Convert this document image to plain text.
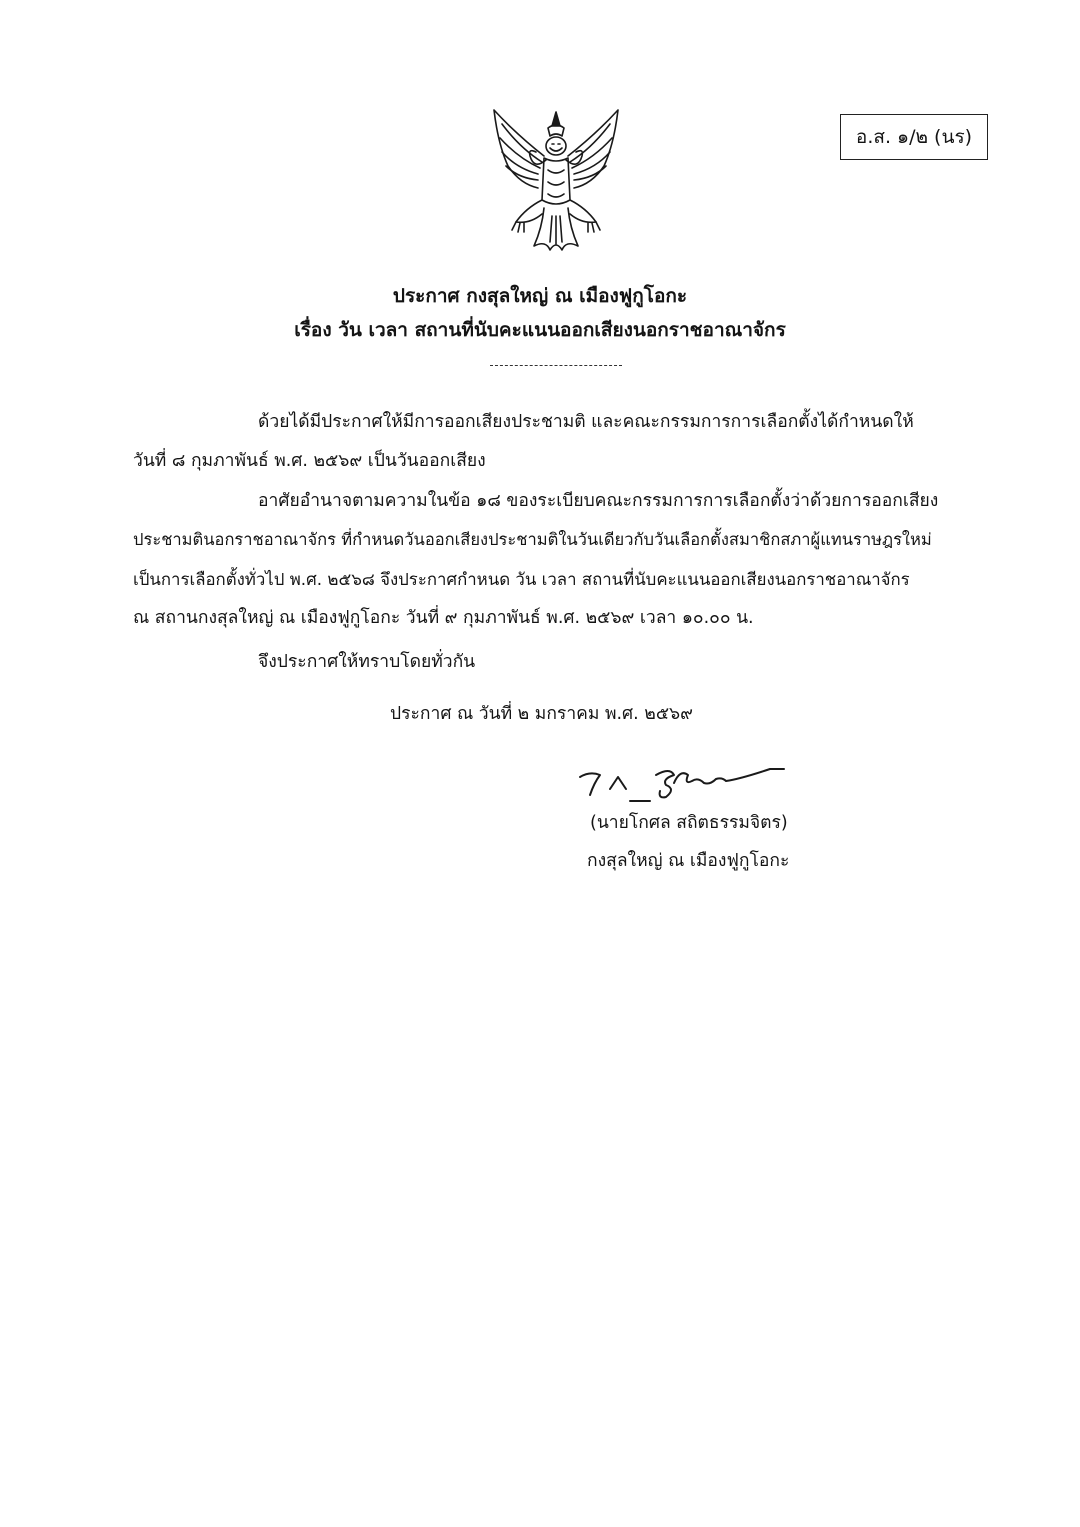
อ.ส. ๑/๒ (นร)
ประกาศ กงสุลใหญ่ ณ เมืองฟูกูโอกะ
เรื่อง วัน เวลา สถานที่นับคะแนนออกเสียงนอกราชอาณาจักร
ด้วยได้มีประกาศให้มีการออกเสียงประชามติ และคณะกรรมการการเลือกตั้งได้กำหนดให้
วันที่ ๘ กุมภาพันธ์ พ.ศ. ๒๕๖๙ เป็นวันออกเสียง
อาศัยอำนาจตามความในข้อ ๑๘ ของระเบียบคณะกรรมการการเลือกตั้งว่าด้วยการออกเสียง
ประชามตินอกราชอาณาจักร ที่กำหนดวันออกเสียงประชามติในวันเดียวกับวันเลือกตั้งสมาชิกสภาผู้แทนราษฎรใหม่
เป็นการเลือกตั้งทั่วไป พ.ศ. ๒๕๖๘ จึงประกาศกำหนด วัน เวลา สถานที่นับคะแนนออกเสียงนอกราชอาณาจักร
ณ สถานกงสุลใหญ่ ณ เมืองฟูกูโอกะ วันที่ ๙ กุมภาพันธ์ พ.ศ. ๒๕๖๙ เวลา ๑๐.๐๐ น.
จึงประกาศให้ทราบโดยทั่วกัน
ประกาศ ณ วันที่ ๒ มกราคม พ.ศ. ๒๕๖๙
(นายโกศล สถิตธรรมจิตร)
กงสุลใหญ่ ณ เมืองฟูกูโอกะ
